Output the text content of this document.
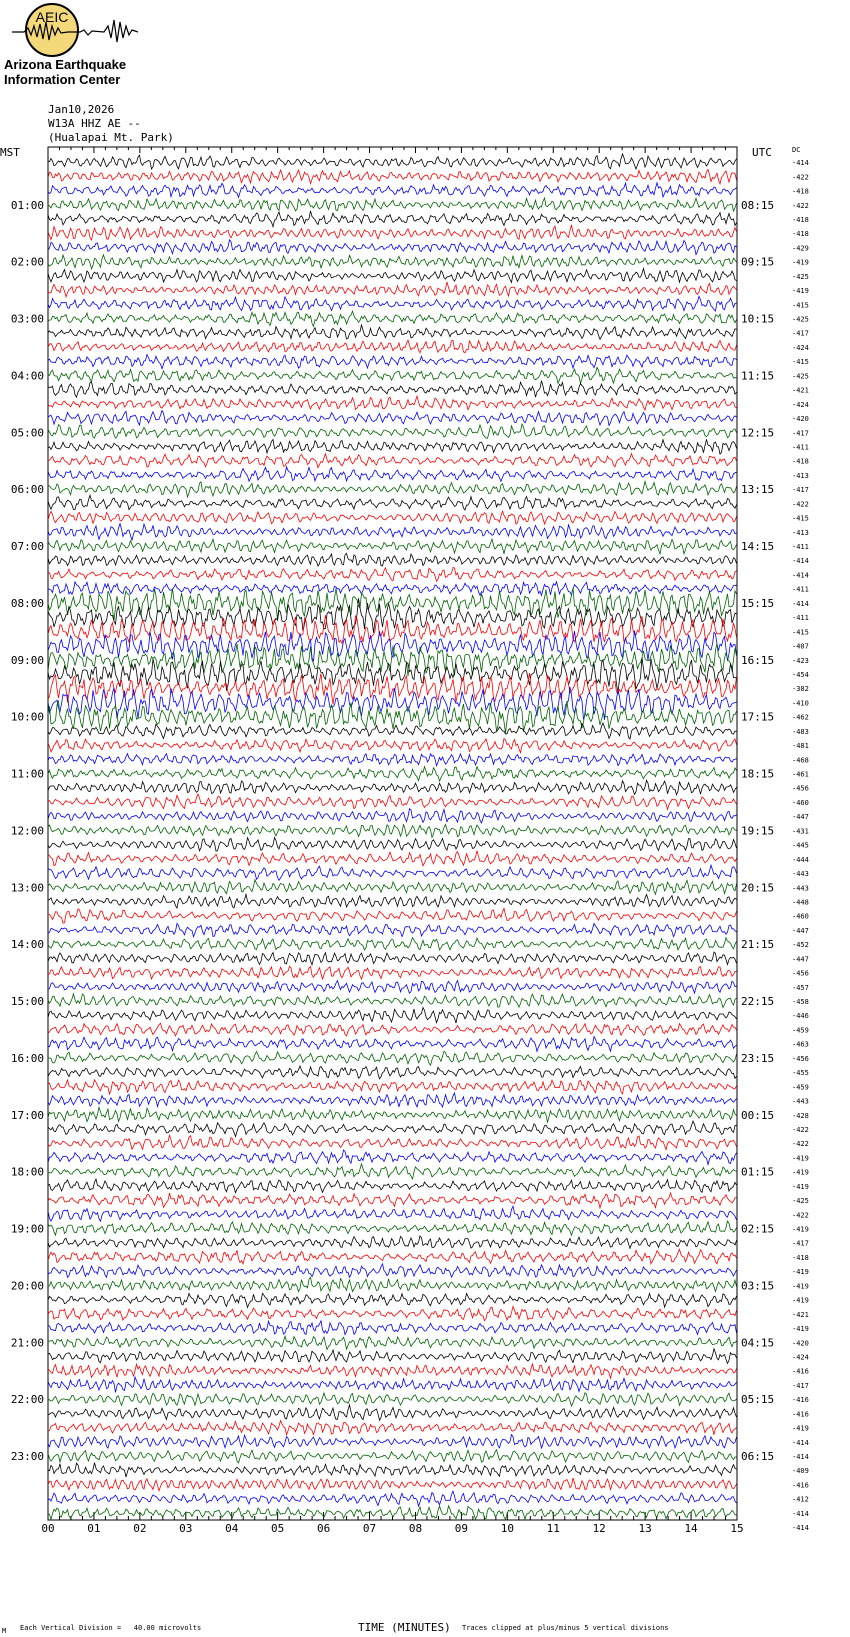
AEIC
Arizona Earthquake
Information Center
Jan10,2026
W13A HHZ AE --
(Hualapai Mt. Park)
MST	UTC	DC
01:00	08:15
02:00	09:15
03:00	10:15
04:00	11:15
05:00	12:15
06:00	13:15
07:00	14:15
08:00	15:15
09:00	16:15
10:00	17:15
11:00	18:15
12:00	19:15
13:00	20:15
14:00	21:15
15:00	22:15
16:00	23:15
17:00	00:15
18:00	01:15
19:00	02:15
20:00	03:15
21:00	04:15
22:00	05:15
23:00	06:15
-414
-422
-418
-422
-418
-418
-429
-419
-425
-419
-415
-425
-417
-424
-415
-425
-421
-424
-420
-417
-411
-418
-413
-417
-422
-415
-413
-411
-414
-414
-411
-414
-411
-415
-407
-423
-454
-382
-410
-462
-483
-481
-468
-461
-456
-460
-447
-431
-445
-444
-443
-443
-448
-460
-447
-452
-447
-456
-457
-458
-446
-459
-463
-456
-455
-459
-443
-428
-422
-422
-419
-419
-419
-425
-422
-419
-417
-418
-419
-419
-419
-421
-419
-420
-424
-416
-417
-416
-416
-419
-414
-414
-409
-416
-412
-414
-414
00	01	02	03	04	05	06	07	08	09	10	11	12	13	14	15
M Each Vertical Division =   40.00 microvolts	TIME (MINUTES) Traces clipped at plus/minus 5 vertical divisions
